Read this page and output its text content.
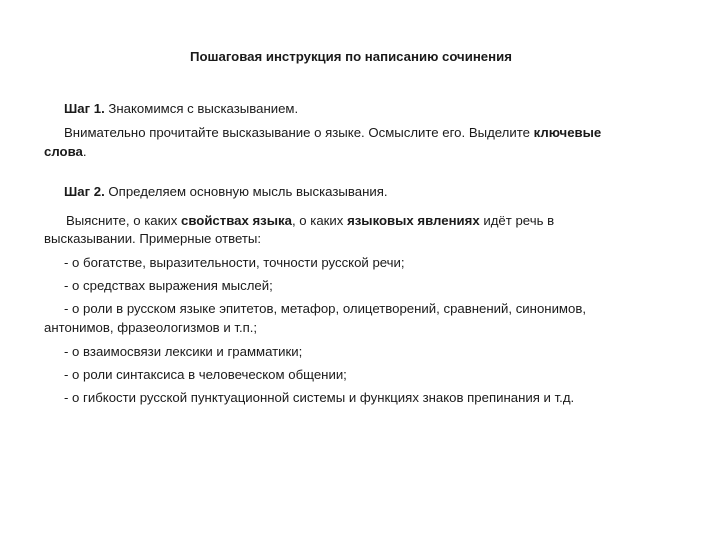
Пошаговая инструкция по написанию сочинения
Шаг 1. Знакомимся с высказыванием.
Внимательно прочитайте высказывание о языке. Осмыслите его. Выделите ключевые
слова.
Шаг 2. Определяем основную мысль высказывания.
Выясните, о каких свойствах языка, о каких языковых явлениях идёт речь в
высказывании. Примерные ответы:
- о богатстве, выразительности, точности русской речи;
- о средствах выражения мыслей;
- о роли в русском языке эпитетов, метафор, олицетворений, сравнений, синонимов,
антонимов, фразеологизмов и т.п.;
- о взаимосвязи лексики и грамматики;
- о роли синтаксиса в человеческом общении;
- о гибкости русской пунктуационной системы и функциях знаков препинания и т.д.
